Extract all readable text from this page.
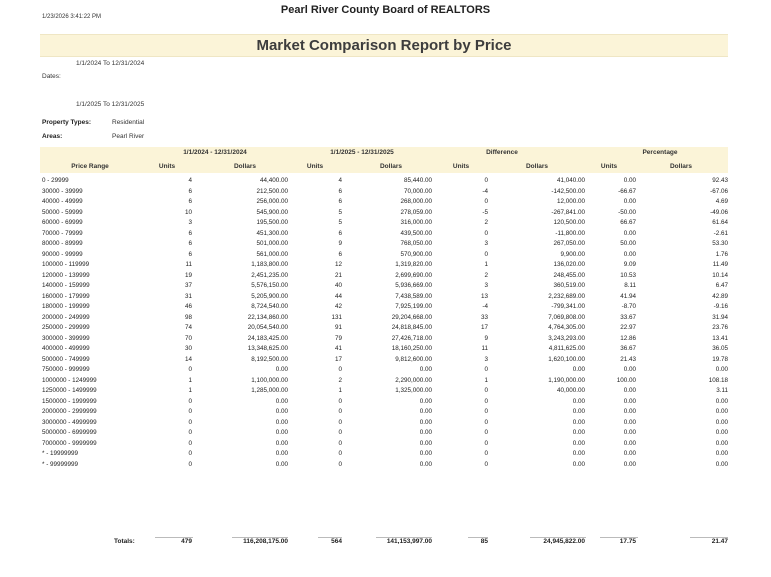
1/23/2026 3:41:22 PM
Pearl River County Board of REALTORS
Market Comparison Report by Price
1/1/2024 To 12/31/2024
Dates:
1/1/2025 To 12/31/2025
Property Types:	Residential
Areas:	Pearl River
1/1/2024 - 12/31/2024	1/1/2025 - 12/31/2025	Difference	Percentage
Price Range	Units	Dollars	Units	Dollars	Units	Dollars	Units	Dollars
0 - 29999	4	44,400.00	4	85,440.00	0	41,040.00	0.00	92.43
30000 - 39999	6	212,500.00	6	70,000.00	-4	-142,500.00	-66.67	-67.06
40000 - 49999	6	256,000.00	6	268,000.00	0	12,000.00	0.00	4.69
50000 - 59999	10	545,900.00	5	278,059.00	-5	-267,841.00	-50.00	-49.06
60000 - 69999	3	195,500.00	5	316,000.00	2	120,500.00	66.67	61.64
70000 - 79999	6	451,300.00	6	439,500.00	0	-11,800.00	0.00	-2.61
80000 - 89999	6	501,000.00	9	768,050.00	3	267,050.00	50.00	53.30
90000 - 99999	6	561,000.00	6	570,900.00	0	9,900.00	0.00	1.76
100000 - 119999	11	1,183,800.00	12	1,319,820.00	1	136,020.00	9.09	11.49
120000 - 139999	19	2,451,235.00	21	2,699,690.00	2	248,455.00	10.53	10.14
140000 - 159999	37	5,576,150.00	40	5,936,669.00	3	360,519.00	8.11	6.47
160000 - 179999	31	5,205,900.00	44	7,438,589.00	13	2,232,689.00	41.94	42.89
180000 - 199999	46	8,724,540.00	42	7,925,199.00	-4	-799,341.00	-8.70	-9.16
200000 - 249999	98	22,134,860.00	131	29,204,668.00	33	7,069,808.00	33.67	31.94
250000 - 299999	74	20,054,540.00	91	24,818,845.00	17	4,764,305.00	22.97	23.76
300000 - 399999	70	24,183,425.00	79	27,426,718.00	9	3,243,293.00	12.86	13.41
400000 - 499999	30	13,348,625.00	41	18,160,250.00	11	4,811,625.00	36.67	36.05
500000 - 749999	14	8,192,500.00	17	9,812,600.00	3	1,620,100.00	21.43	19.78
750000 - 999999	0	0.00	0	0.00	0	0.00	0.00	0.00
1000000 - 1249999	1	1,100,000.00	2	2,290,000.00	1	1,190,000.00	100.00	108.18
1250000 - 1499999	1	1,285,000.00	1	1,325,000.00	0	40,000.00	0.00	3.11
1500000 - 1999999	0	0.00	0	0.00	0	0.00	0.00	0.00
2000000 - 2999999	0	0.00	0	0.00	0	0.00	0.00	0.00
3000000 - 4999999	0	0.00	0	0.00	0	0.00	0.00	0.00
5000000 - 6999999	0	0.00	0	0.00	0	0.00	0.00	0.00
7000000 - 9999999	0	0.00	0	0.00	0	0.00	0.00	0.00
* - 19999999	0	0.00	0	0.00	0	0.00	0.00	0.00
* - 99999999	0	0.00	0	0.00	0	0.00	0.00	0.00
Totals:	479	116,208,175.00	564	141,153,997.00	85	24,945,822.00	17.75	21.47
